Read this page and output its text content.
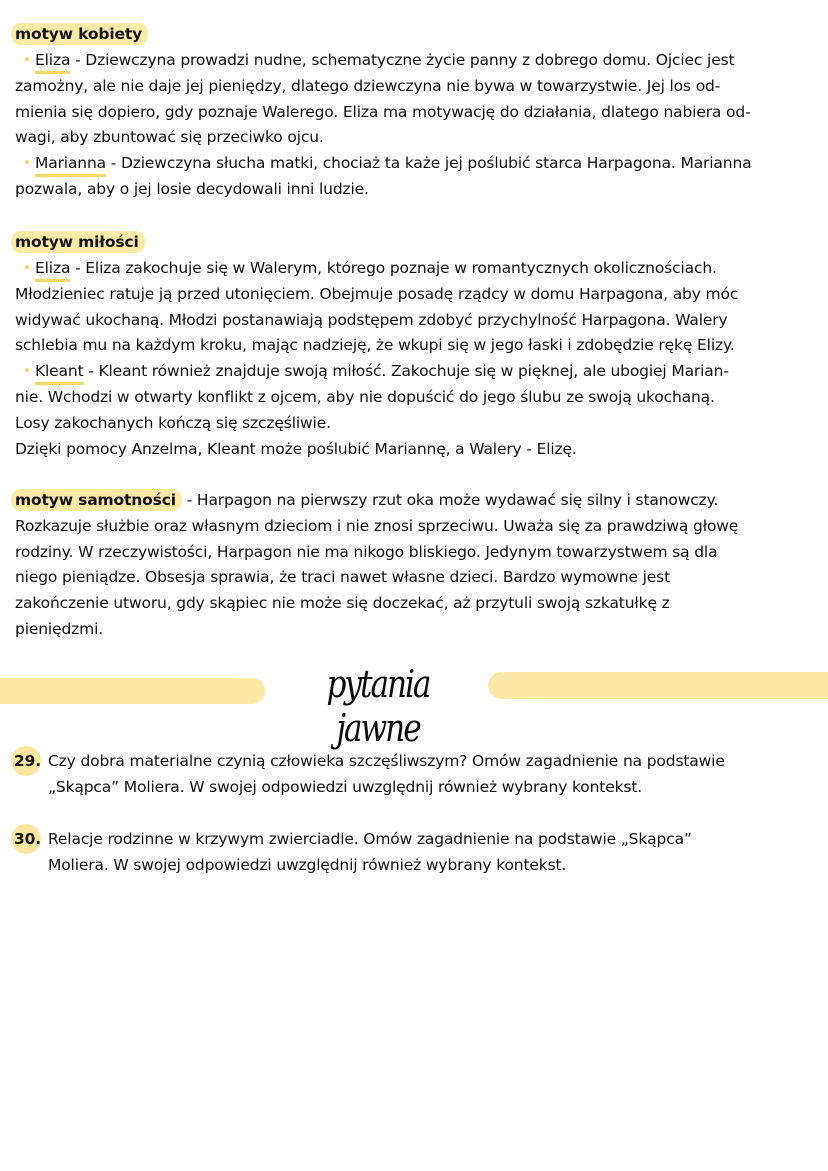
motyw kobiety
Eliza - Dziewczyna prowadzi nudne, schematyczne życie panny z dobrego domu. Ojciec jest
zamożny, ale nie daje jej pieniędzy, dlatego dziewczyna nie bywa w towarzystwie. Jej los od-
mienia się dopiero, gdy poznaje Walerego. Eliza ma motywację do działania, dlatego nabiera od-
wagi, aby zbuntować się przeciwko ojcu.
Marianna - Dziewczyna słucha matki, chociaż ta każe jej poślubić starca Harpagona. Marianna
pozwala, aby o jej losie decydowali inni ludzie.
motyw miłości
Eliza - Eliza zakochuje się w Walerym, którego poznaje w romantycznych okolicznościach.
Młodzieniec ratuje ją przed utonięciem. Obejmuje posadę rządcy w domu Harpagona, aby móc
widywać ukochaną. Młodzi postanawiają podstępem zdobyć przychylność Harpagona. Walery
schlebia mu na każdym kroku, mając nadzieję, że wkupi się w jego łaski i zdobędzie rękę Elizy.
Kleant - Kleant również znajduje swoją miłość. Zakochuje się w pięknej, ale ubogiej Marian-
nie. Wchodzi w otwarty konflikt z ojcem, aby nie dopuścić do jego ślubu ze swoją ukochaną.
Losy zakochanych kończą się szczęśliwie.
Dzięki pomocy Anzelma, Kleant może poślubić Mariannę, a Walery - Elizę.
motyw samotności - Harpagon na pierwszy rzut oka może wydawać się silny i stanowczy.
Rozkazuje służbie oraz własnym dzieciom i nie znosi sprzeciwu. Uważa się za prawdziwą głowę
rodziny. W rzeczywistości, Harpagon nie ma nikogo bliskiego. Jedynym towarzystwem są dla
niego pieniądze. Obsesja sprawia, że traci nawet własne dzieci. Bardzo wymowne jest
zakończenie utworu, gdy skąpiec nie może się doczekać, aż przytuli swoją szkatułkę z
pieniędzmi.
pytania jawne
29. Czy dobra materialne czynią człowieka szczęśliwszym? Omów zagadnienie na podstawie
„Skąpca” Moliera. W swojej odpowiedzi uwzględnij również wybrany kontekst.
30. Relacje rodzinne w krzywym zwierciadle. Omów zagadnienie na podstawie „Skąpca”
Moliera. W swojej odpowiedzi uwzględnij również wybrany kontekst.
